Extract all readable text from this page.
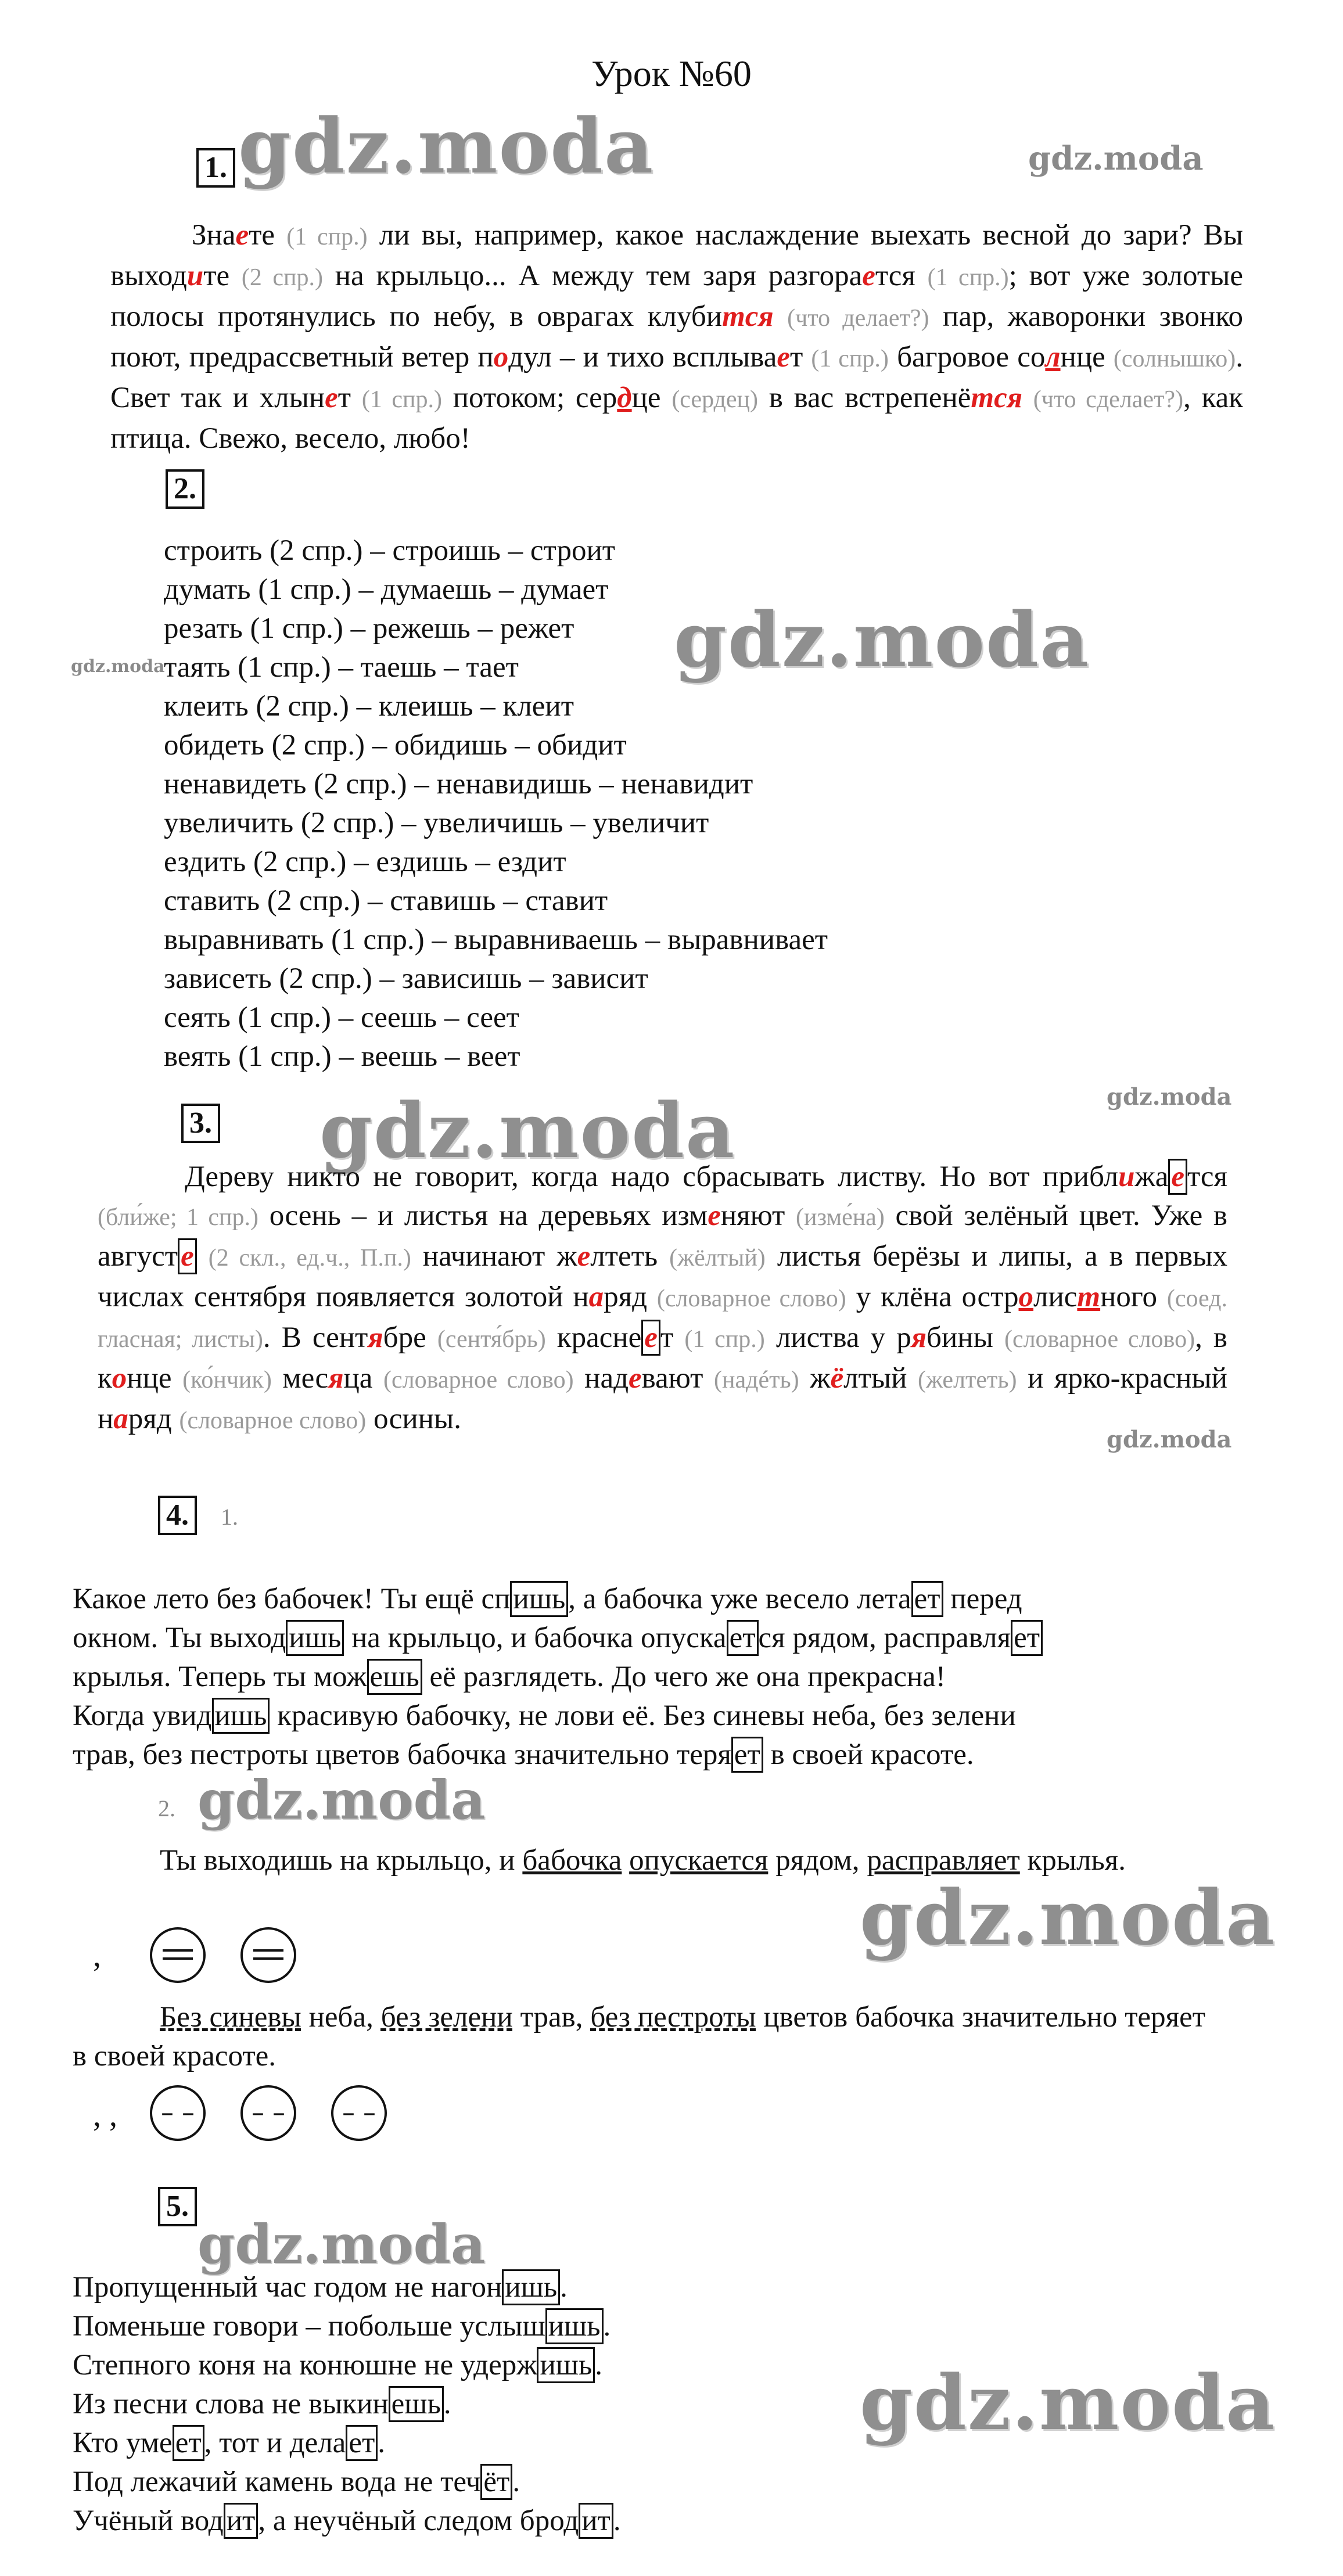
Урок №60
gdz.moda	gdz.moda
gdz.moda	gdz.moda
gdz.moda	gdz.moda
gdz.moda
gdz.moda
gdz.moda
gdz.moda
gdz.moda
1.
Знаете (1 спр.) ли вы, например, какое наслаждение выехать весной до зари? Вы выходите (2 спр.) на крыльцо... А между тем заря разгорается (1 спр.); вот уже золотые полосы протянулись по небу, в оврагах клубится (что делает?) пар, жаворонки звонко поют, предрассветный ветер подул – и тихо всплывает (1 спр.) багровое солнце (солнышко). Свет так и хлынет (1 спр.) потоком; сердце (сердец) в вас встрепенётся (что сделает?), как птица. Свежо, весело, любо!
2.
строить (2 спр.) – строишь – строит
думать (1 спр.) – думаешь – думает
резать (1 спр.) – режешь – режет
таять (1 спр.) – таешь – тает
клеить (2 спр.) – клеишь – клеит
обидеть (2 спр.) – обидишь – обидит
ненавидеть (2 спр.) – ненавидишь – ненавидит
увеличить (2 спр.) – увеличишь – увеличит
ездить (2 спр.) – ездишь – ездит
ставить (2 спр.) – ставишь – ставит
выравнивать (1 спр.) – выравниваешь – выравнивает
зависеть (2 спр.) – зависишь – зависит
сеять (1 спр.) – сеешь – сеет
веять (1 спр.) – веешь – веет
3.
Дереву никто не говорит, когда надо сбрасывать листву. Но вот приближается (бли́же; 1 спр.) осень – и листья на деревьях изменяют (изме́на) свой зелёный цвет. Уже в август‌е (2 скл., ед.ч., П.п.) начинают желтеть (жёлтый) листья берёзы и липы, а в первых числах сентября появляется золотой наряд (словарное слово) у клёна остролистного (соед. гласная; листы). В сентябре (сентя́брь) краснеет (1 спр.) листва у рябины (словарное слово), в конце (ко́нчик) месяца (словарное слово) надевают (надéть) жёлтый (желтеть) и ярко-красный наряд (словарное слово) осины.
4.	1.
Какое лето без бабочек! Ты ещё спишь, а бабочка уже весело летает перед
окном. Ты выходишь на крыльцо, и бабочка опускается рядом, расправляет
крылья. Теперь ты можешь её разглядеть. До чего же она прекрасна!
Когда увидишь красивую бабочку, не лови её. Без синевы неба, без зелени
трав, без пестроты цветов бабочка значительно теряет в своей красоте.
2.
Ты выходишь на крыльцо, и бабочка опускается рядом, расправляет крылья.
,
Без синевы неба, без зелени трав, без пестроты цветов бабочка значительно теряет в своей красоте.
, ,	– –	– –	– –
5.
Пропущенный час годом не нагонишь.
Поменьше говори – побольше услышишь.
Степного коня на конюшне не удержишь.
Из песни слова не выкинешь.
Кто умеет, тот и делает.
Под лежачий камень вода не течёт.
Учёный водит, а неучёный следом бродит.
